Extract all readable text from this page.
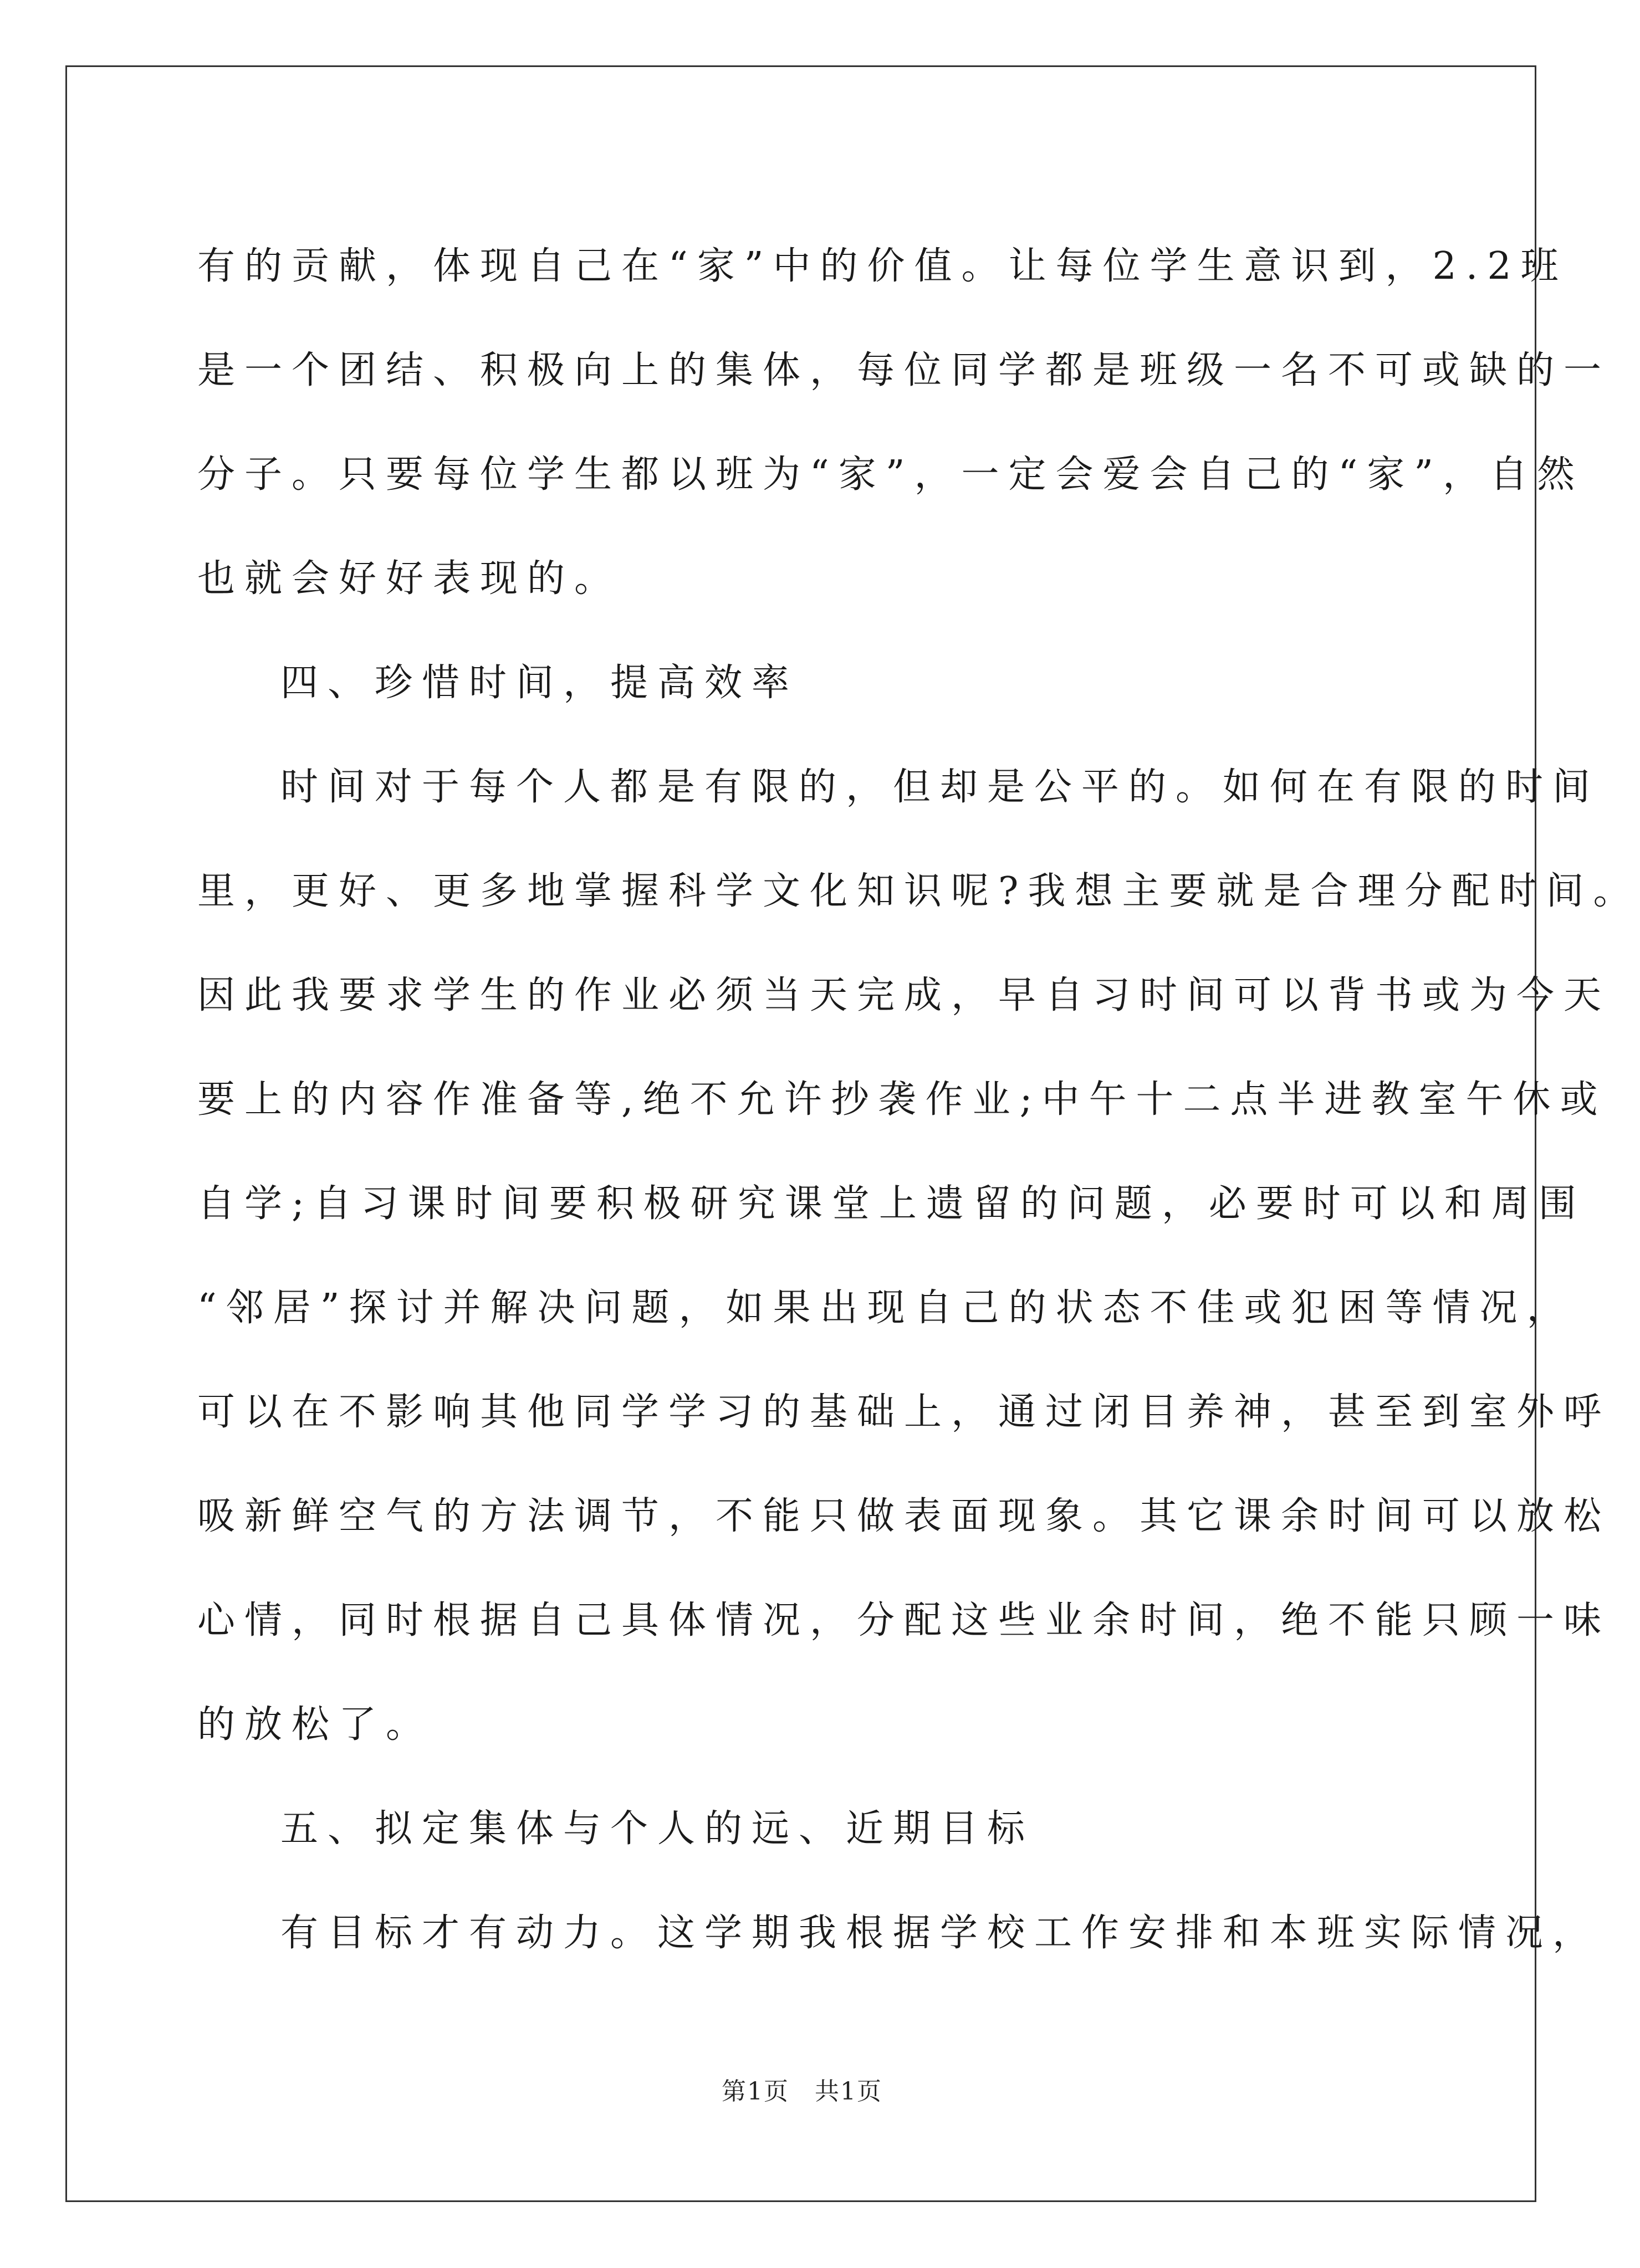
有的贡献，体现自己在“家”中的价值。让每位学生意识到，2.2班
是一个团结、积极向上的集体，每位同学都是班级一名不可或缺的一
分子。只要每位学生都以班为“家”，一定会爱会自己的“家”，自然
也就会好好表现的。
四、珍惜时间，提高效率
时间对于每个人都是有限的，但却是公平的。如何在有限的时间
里，更好、更多地掌握科学文化知识呢?我想主要就是合理分配时间。
因此我要求学生的作业必须当天完成，早自习时间可以背书或为今天
要上的内容作准备等,绝不允许抄袭作业;中午十二点半进教室午休或
自学;自习课时间要积极研究课堂上遗留的问题，必要时可以和周围
“邻居”探讨并解决问题，如果出现自己的状态不佳或犯困等情况，
可以在不影响其他同学学习的基础上，通过闭目养神，甚至到室外呼
吸新鲜空气的方法调节，不能只做表面现象。其它课余时间可以放松
心情，同时根据自己具体情况，分配这些业余时间，绝不能只顾一味
的放松了。
五、拟定集体与个人的远、近期目标
有目标才有动力。这学期我根据学校工作安排和本班实际情况，
第1页　共1页
